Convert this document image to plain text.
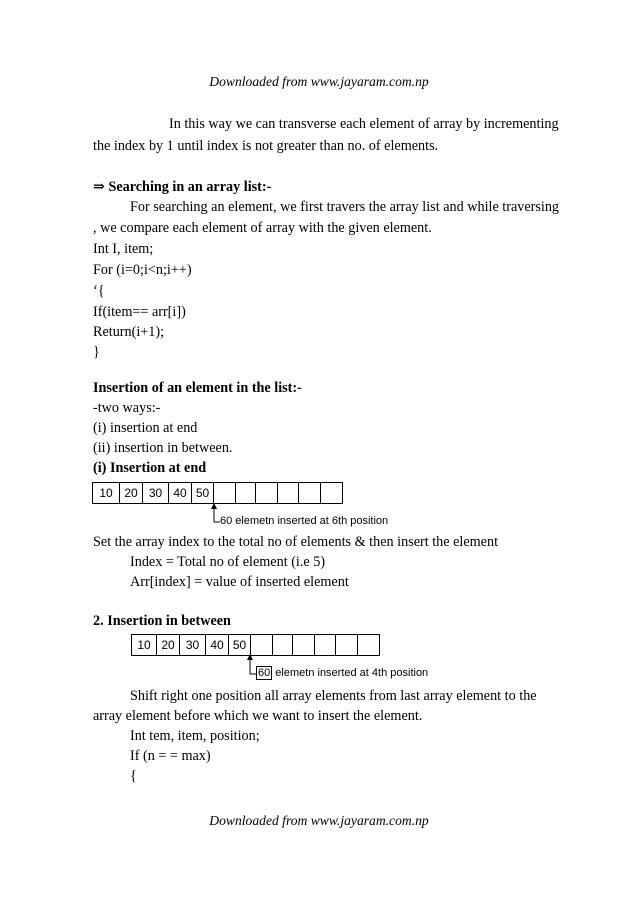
Downloaded from www.jayaram.com.np
In this way we can transverse each element of array by incrementing
the index by 1 until index is not greater than no. of elements.
⇒ Searching in an array list:-
For searching an element, we first travers the array list and while traversing
, we compare each element of array with the given element.
Int I, item;
For (i=0;i<n;i++)
‘{
If(item== arr[i])
Return(i+1);
}
Insertion of an element in the list:-
-two ways:-
(i) insertion at end
(ii) insertion in between.
(i) Insertion at end
10 20 30 40 50
60 elemetn inserted at 6th position
Set the array index to the total no of elements & then insert the element
Index = Total no of element (i.e 5)
Arr[index] = value of inserted element
2. Insertion in between
10 20 30 40 50
60 elemetn inserted at 4th position
Shift right one position all array elements from last array element to the
array element before which we want to insert the element.
Int tem, item, position;
If (n = = max)
{
Downloaded from www.jayaram.com.np
